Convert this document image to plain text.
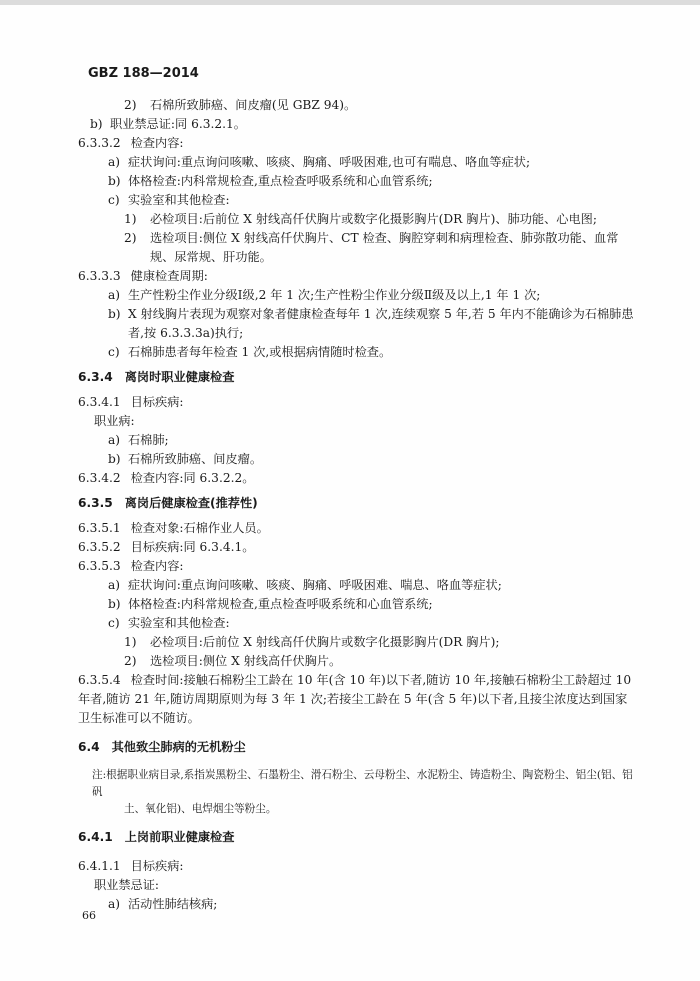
GBZ 188—2014
2)	石棉所致肺癌、间皮瘤(见 GBZ 94)。
b) 职业禁忌证:同 6.3.2.1。
6.3.3.2 检查内容:
a) 症状询问:重点询问咳嗽、咳痰、胸痛、呼吸困难,也可有喘息、咯血等症状;
b) 体格检查:内科常规检查,重点检查呼吸系统和心血管系统;
c) 实验室和其他检查:
1)	必检项目:后前位 X 射线高仟伏胸片或数字化摄影胸片(DR 胸片)、肺功能、心电图;
2)	选检项目:侧位 X 射线高仟伏胸片、CT 检查、胸腔穿刺和病理检查、肺弥散功能、血常规、尿常规、肝功能。
6.3.3.3 健康检查周期:
a) 生产性粉尘作业分级Ⅰ级,2 年 1 次;生产性粉尘作业分级Ⅱ级及以上,1 年 1 次;
b) X 射线胸片表现为观察对象者健康检查每年 1 次,连续观察 5 年,若 5 年内不能确诊为石棉肺患者,按 6.3.3.3a)执行;
c) 石棉肺患者每年检查 1 次,或根据病情随时检查。
6.3.4 离岗时职业健康检查
6.3.4.1 目标疾病:
职业病:
a) 石棉肺;
b) 石棉所致肺癌、间皮瘤。
6.3.4.2 检查内容:同 6.3.2.2。
6.3.5 离岗后健康检查(推荐性)
6.3.5.1 检查对象:石棉作业人员。
6.3.5.2 目标疾病:同 6.3.4.1。
6.3.5.3 检查内容:
a) 症状询问:重点询问咳嗽、咳痰、胸痛、呼吸困难、喘息、咯血等症状;
b) 体格检查:内科常规检查,重点检查呼吸系统和心血管系统;
c) 实验室和其他检查:
1)	必检项目:后前位 X 射线高仟伏胸片或数字化摄影胸片(DR 胸片);
2)	选检项目:侧位 X 射线高仟伏胸片。
6.3.5.4 检查时间:接触石棉粉尘工龄在 10 年(含 10 年)以下者,随访 10 年,接触石棉粉尘工龄超过 10 年者,随访 21 年,随访周期原则为每 3 年 1 次;若接尘工龄在 5 年(含 5 年)以下者,且接尘浓度达到国家卫生标准可以不随访。
6.4 其他致尘肺病的无机粉尘
注:根据职业病目录,系指炭黑粉尘、石墨粉尘、滑石粉尘、云母粉尘、水泥粉尘、铸造粉尘、陶瓷粉尘、铝尘(铝、铝矾
土、氧化铝)、电焊烟尘等粉尘。
6.4.1 上岗前职业健康检查
6.4.1.1 目标疾病:
职业禁忌证:
a) 活动性肺结核病;
66
